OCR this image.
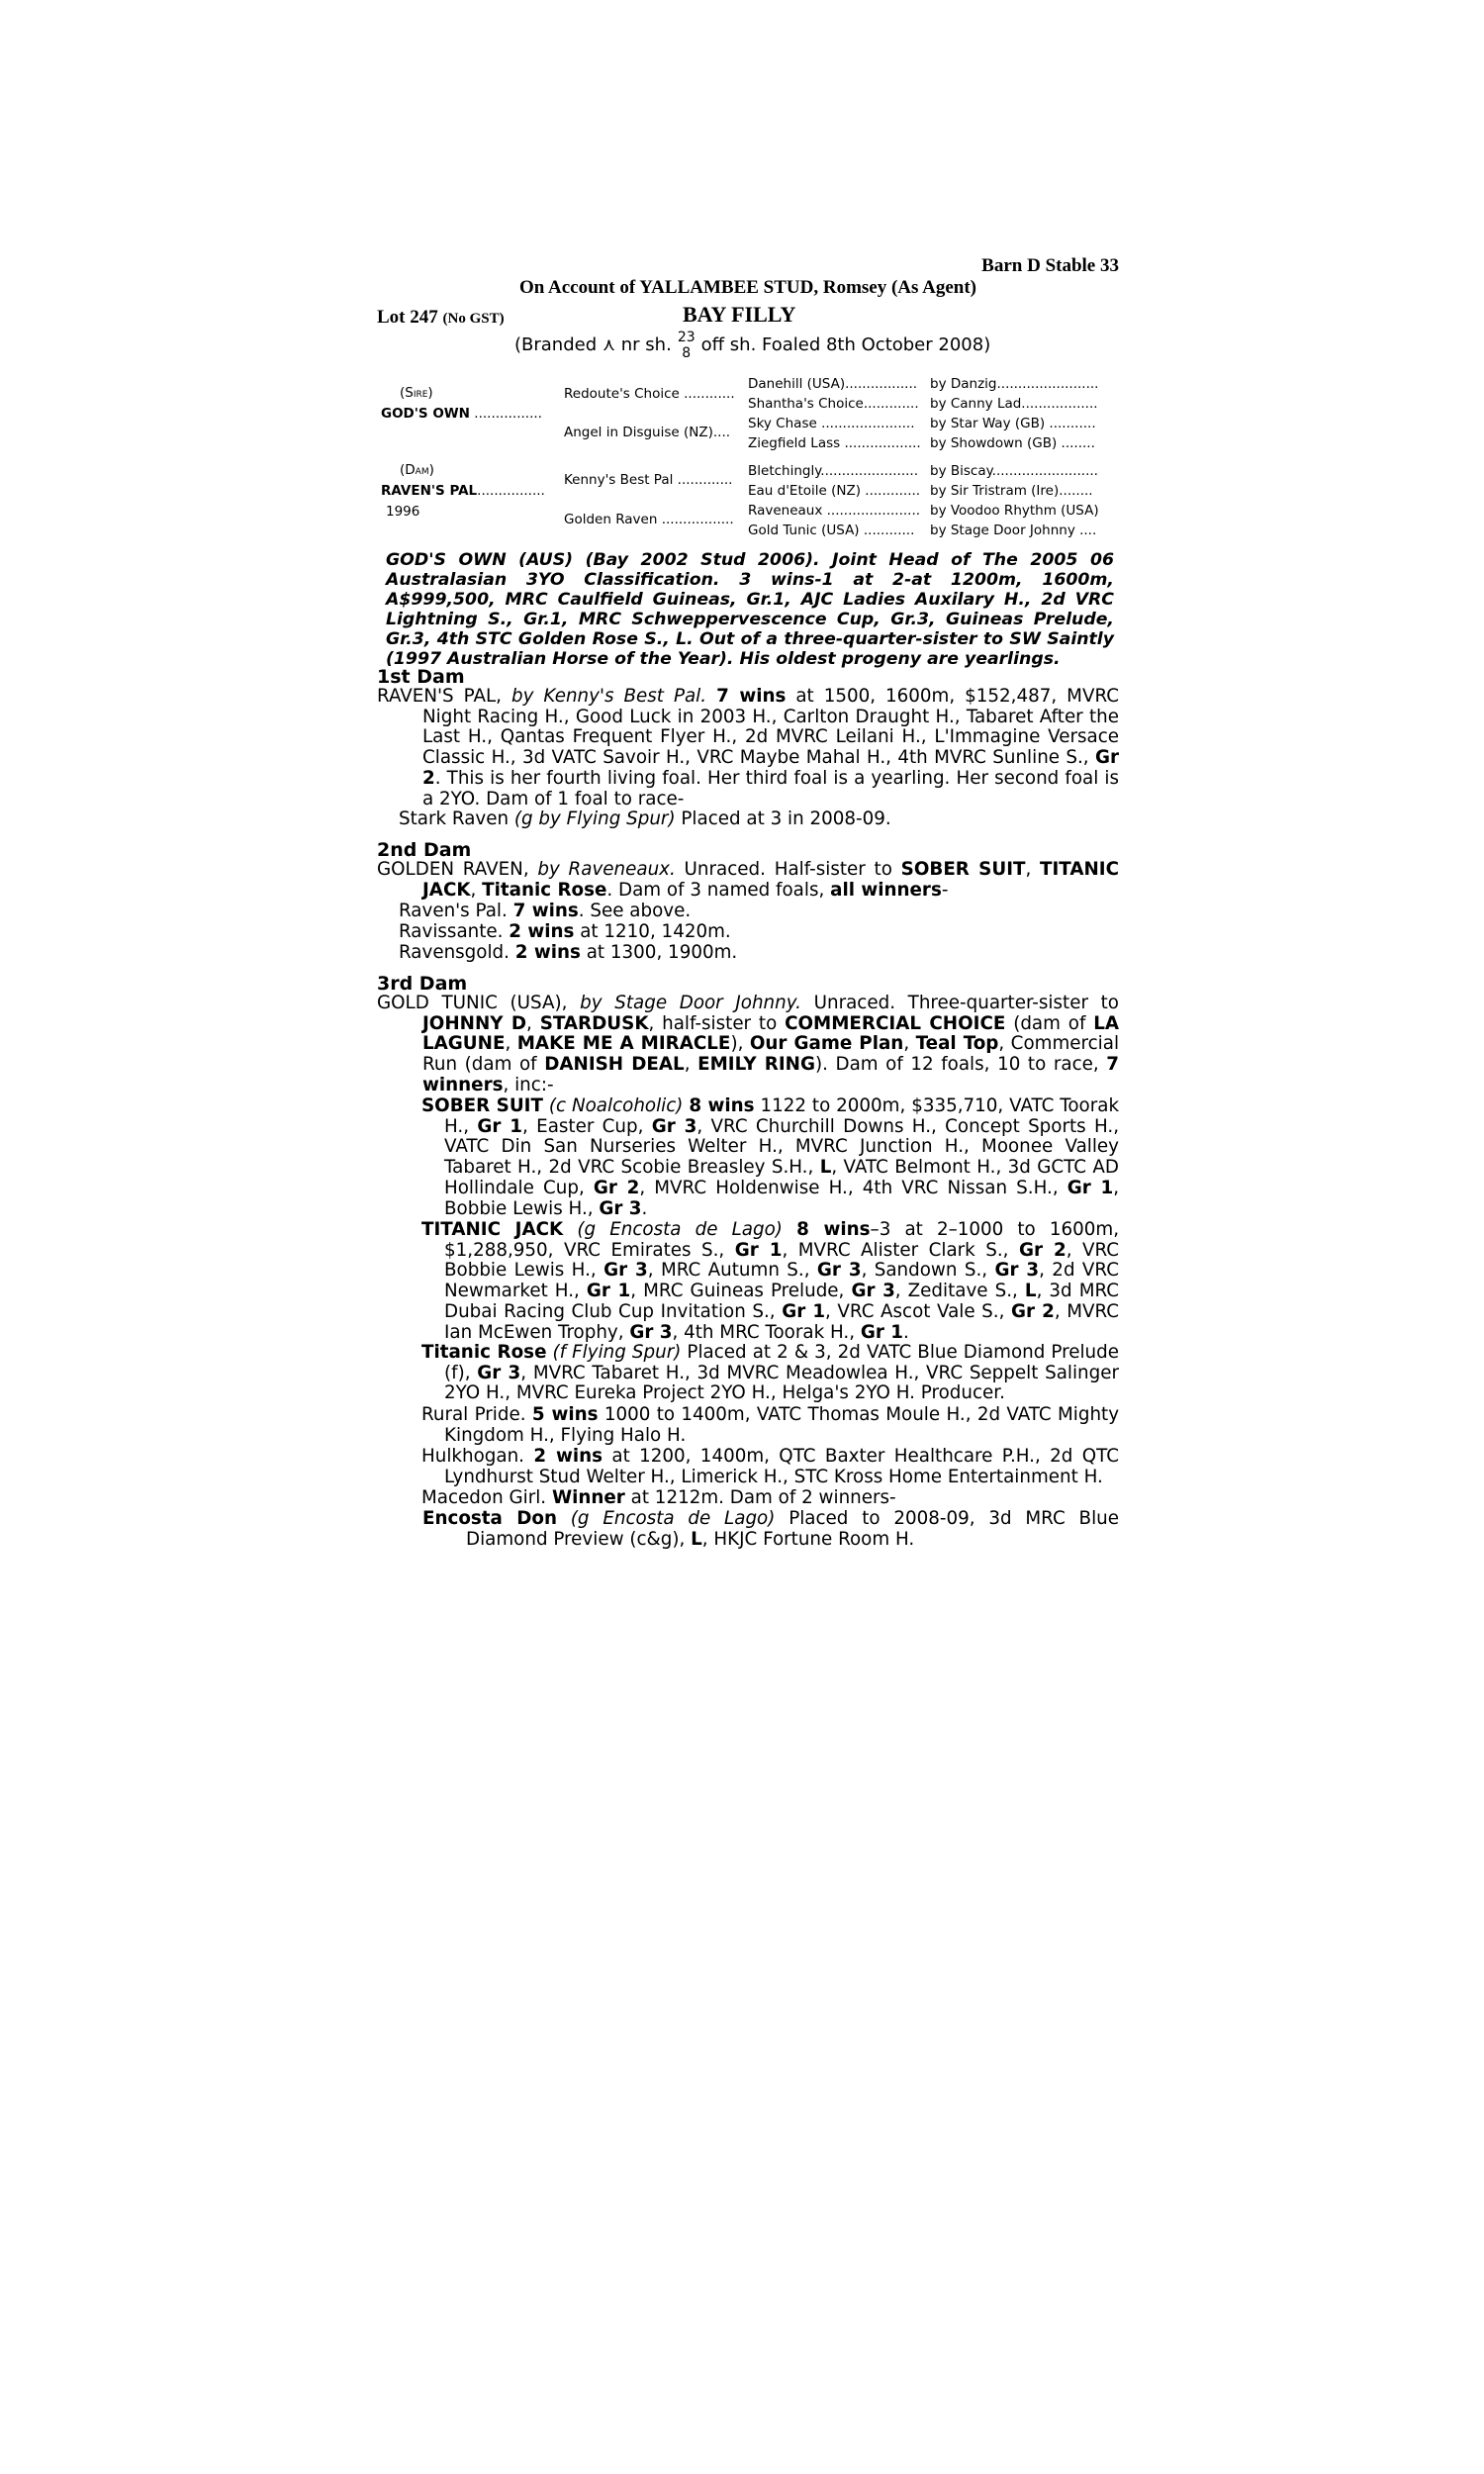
Barn D Stable 33
On Account of YALLAMBEE STUD, Romsey (As Agent)
Lot 247 (No GST)	BAY FILLY
(Branded ⋏ nr sh. 23
8 off sh. Foaled 8th October 2008)
(Sire)
GOD'S OWN ................
(Dam)
RAVEN'S PAL................
1996
Redoute's Choice ............
Angel in Disguise (NZ)....
Kenny's Best Pal .............
Golden Raven .................
Danehill (USA).................
Shantha's Choice.............
Sky Chase ......................
Ziegfield Lass ..................
Bletchingly.......................
Eau d'Etoile (NZ) .............
Raveneaux ......................
Gold Tunic (USA) ............
by Danzig........................
by Canny Lad..................
by Star Way (GB) ...........
by Showdown (GB) ........
by Biscay.........................
by Sir Tristram (Ire)........
by Voodoo Rhythm (USA)
by Stage Door Johnny ....
GOD'S OWN (AUS) (Bay 2002 Stud 2006). Joint Head of The 2005 06 Australasian 3YO Classification. 3 wins-1 at 2-at 1200m, 1600m, A$999,500, MRC Caulfield Guineas, Gr.1, AJC Ladies Auxilary H., 2d VRC Lightning S., Gr.1, MRC Schweppervescence Cup, Gr.3, Guineas Prelude, Gr.3, 4th STC Golden Rose S., L. Out of a three-quarter-sister to SW Saintly (1997 Australian Horse of the Year). His oldest progeny are yearlings.
1st Dam
RAVEN'S PAL, by Kenny's Best Pal. 7 wins at 1500, 1600m, $152,487, MVRC Night Racing H., Good Luck in 2003 H., Carlton Draught H., Tabaret After the Last H., Qantas Frequent Flyer H., 2d MVRC Leilani H., L'Immagine Versace Classic H., 3d VATC Savoir H., VRC Maybe Mahal H., 4th MVRC Sunline S., Gr 2. This is her fourth living foal. Her third foal is a yearling. Her second foal is a 2YO. Dam of 1 foal to race-
Stark Raven (g by Flying Spur) Placed at 3 in 2008-09.
2nd Dam
GOLDEN RAVEN, by Raveneaux. Unraced. Half-sister to SOBER SUIT, TITANIC JACK, Titanic Rose. Dam of 3 named foals, all winners-
Raven's Pal. 7 wins. See above.
Ravissante. 2 wins at 1210, 1420m.
Ravensgold. 2 wins at 1300, 1900m.
3rd Dam
GOLD TUNIC (USA), by Stage Door Johnny. Unraced. Three-quarter-sister to JOHNNY D, STARDUSK, half-sister to COMMERCIAL CHOICE (dam of LA LAGUNE, MAKE ME A MIRACLE), Our Game Plan, Teal Top, Commercial Run (dam of DANISH DEAL, EMILY RING). Dam of 12 foals, 10 to race, 7 winners, inc:-
SOBER SUIT (c Noalcoholic) 8 wins 1122 to 2000m, $335,710, VATC Toorak H., Gr 1, Easter Cup, Gr 3, VRC Churchill Downs H., Concept Sports H., VATC Din San Nurseries Welter H., MVRC Junction H., Moonee Valley Tabaret H., 2d VRC Scobie Breasley S.H., L, VATC Belmont H., 3d GCTC AD Hollindale Cup, Gr 2, MVRC Holdenwise H., 4th VRC Nissan S.H., Gr 1, Bobbie Lewis H., Gr 3.
TITANIC JACK (g Encosta de Lago) 8 wins–3 at 2–1000 to 1600m, $1,288,950, VRC Emirates S., Gr 1, MVRC Alister Clark S., Gr 2, VRC Bobbie Lewis H., Gr 3, MRC Autumn S., Gr 3, Sandown S., Gr 3, 2d VRC Newmarket H., Gr 1, MRC Guineas Prelude, Gr 3, Zeditave S., L, 3d MRC Dubai Racing Club Cup Invitation S., Gr 1, VRC Ascot Vale S., Gr 2, MVRC Ian McEwen Trophy, Gr 3, 4th MRC Toorak H., Gr 1.
Titanic Rose (f Flying Spur) Placed at 2 & 3, 2d VATC Blue Diamond Prelude (f), Gr 3, MVRC Tabaret H., 3d MVRC Meadowlea H., VRC Seppelt Salinger 2YO H., MVRC Eureka Project 2YO H., Helga's 2YO H. Producer.
Rural Pride. 5 wins 1000 to 1400m, VATC Thomas Moule H., 2d VATC Mighty Kingdom H., Flying Halo H.
Hulkhogan. 2 wins at 1200, 1400m, QTC Baxter Healthcare P.H., 2d QTC Lyndhurst Stud Welter H., Limerick H., STC Kross Home Entertainment H.
Macedon Girl. Winner at 1212m. Dam of 2 winners-
Encosta Don (g Encosta de Lago) Placed to 2008-09, 3d MRC Blue Diamond Preview (c&g), L, HKJC Fortune Room H.
